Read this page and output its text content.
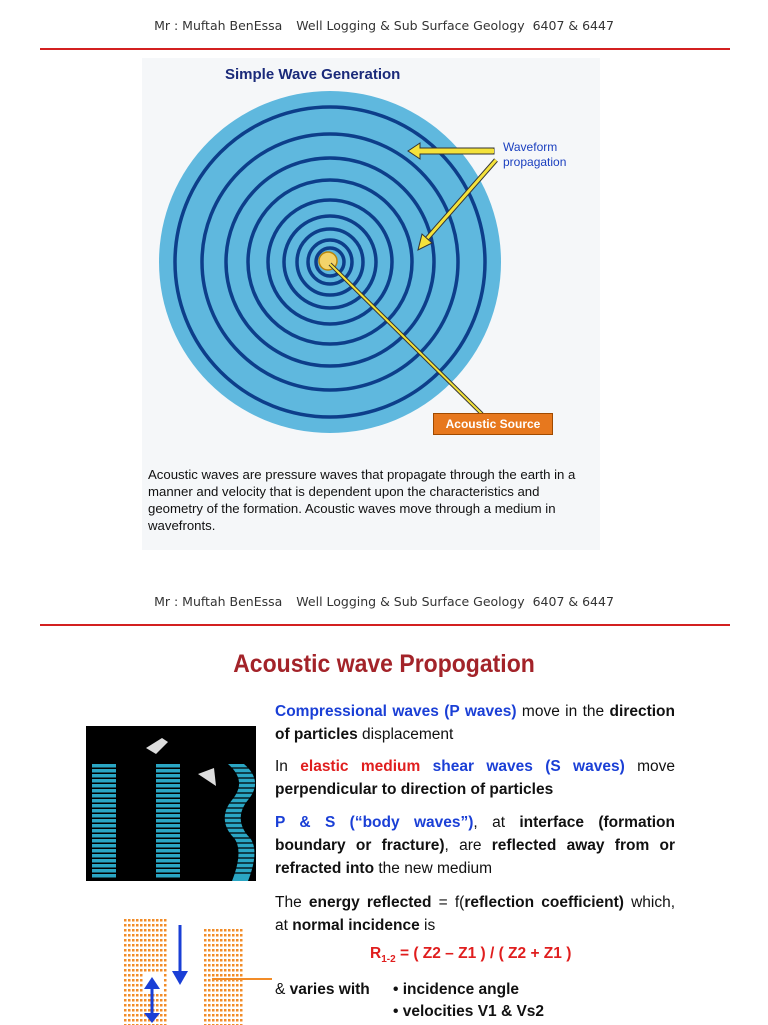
Mr : Muftah BenEssa Well Logging & Sub Surface Geology 6407 & 6447
Simple Wave Generation
Waveform
propagation
Acoustic Source
Acoustic waves are pressure waves that propagate through the earth in a manner and velocity that is dependent upon the characteristics and geometry of the formation. Acoustic waves move through a medium in wavefronts.
Mr : Muftah BenEssa Well Logging & Sub Surface Geology 6407 & 6447
Acoustic wave Propogation
Compressional waves (P waves) move in the direction of particles displacement
In elastic medium shear waves (S waves) move perpendicular to direction of particles
P & S (“body waves”), at interface (formation boundary or fracture), are reflected away from or refracted into the new medium
The energy reflected = f(reflection coefficient) which, at normal incidence is
$R_{1-2}$ = ( Z2 – Z1 ) / ( Z2 + Z1 )
& varies with • incidence angle
• velocities V1 & Vs2
